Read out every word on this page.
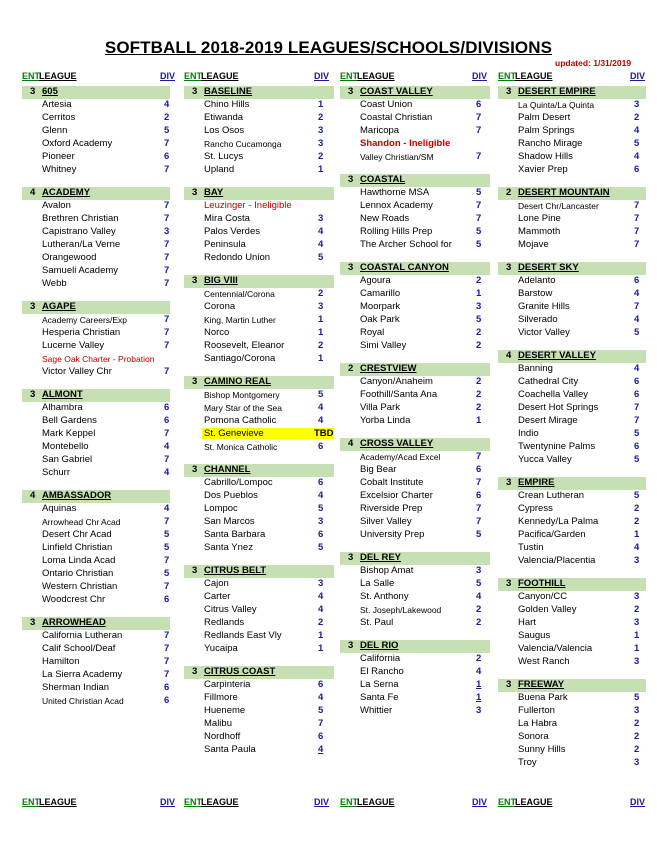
SOFTBALL 2018-2019 LEAGUES/SCHOOLS/DIVISIONS
updated: 1/31/2019
ENT LEAGUE	DIV
3 605
Artesia	4
Cerritos	2
Glenn	5
Oxford Academy	7
Pioneer	6
Whitney	7
4 ACADEMY
Avalon	7
Brethren Christian	7
Capistrano Valley	3
Lutheran/La Verne	7
Orangewood	7
Samueli Academy	7
Webb	7
3 AGAPE
Academy Careers/Exp	7
Hesperia Christian	7
Lucerne Valley	7
Sage Oak Charter - Probation
Victor Valley Chr	7
3 ALMONT
Alhambra	6
Bell Gardens	6
Mark Keppel	7
Montebello	4
San Gabriel	7
Schurr	4
4 AMBASSADOR
Aquinas	4
Arrowhead Chr Acad	7
Desert Chr Acad	5
Linfield Christian	5
Loma Linda Acad	7
Ontario Christian	5
Western Christian	7
Woodcrest Chr	6
3 ARROWHEAD
California Lutheran	7
Calif School/Deaf	7
Hamilton	7
La Sierra Academy	7
Sherman Indian	6
United Christian Acad	6
ENT LEAGUE	DIV
ENT LEAGUE	DIV
3 BASELINE
Chino Hills	1
Etiwanda	2
Los Osos	3
Rancho Cucamonga	3
St. Lucys	2
Upland	1
3 BAY
Leuzinger - Ineligible
Mira Costa	3
Palos Verdes	4
Peninsula	4
Redondo Union	5
3 BIG VIII
Centennial/Corona	2
Corona	3
King, Martin Luther	1
Norco	1
Roosevelt, Eleanor	2
Santiago/Corona	1
3 CAMINO REAL
Bishop Montgomery	5
Mary Star of the Sea	4
Pomona Catholic	4
St. Genevieve	TBD
St. Monica Catholic	6
3 CHANNEL
Cabrillo/Lompoc	6
Dos Pueblos	4
Lompoc	5
San Marcos	3
Santa Barbara	6
Santa Ynez	5
3 CITRUS BELT
Cajon	3
Carter	4
Citrus Valley	4
Redlands	2
Redlands East Vly	1
Yucaipa	1
3 CITRUS COAST
Carpinteria	6
Fillmore	4
Hueneme	5
Malibu	7
Nordhoff	6
Santa Paula	4
ENT LEAGUE	DIV
ENT LEAGUE	DIV
3 COAST VALLEY
Coast Union	6
Coastal Christian	7
Maricopa	7
Shandon - Ineligible
Valley Christian/SM	7
3 COASTAL
Hawthorne MSA	5
Lennox Academy	7
New Roads	7
Rolling Hills Prep	5
The Archer School for	5
3 COASTAL CANYON
Agoura	2
Camarillo	1
Moorpark	3
Oak Park	5
Royal	2
Simi Valley	2
2 CRESTVIEW
Canyon/Anaheim	2
Foothill/Santa Ana	2
Villa Park	2
Yorba Linda	1
4 CROSS VALLEY
Academy/Acad Excel	7
Big Bear	6
Cobalt Institute	7
Excelsior Charter	6
Riverside Prep	7
Silver Valley	7
University Prep	5
3 DEL REY
Bishop Amat	3
La Salle	5
St. Anthony	4
St. Joseph/Lakewood	2
St. Paul	2
3 DEL RIO
California	2
El Rancho	4
La Serna	1
Santa Fe	1
Whittier	3
ENT LEAGUE	DIV
ENT LEAGUE	DIV
3 DESERT EMPIRE
La Quinta/La Quinta	3
Palm Desert	2
Palm Springs	4
Rancho Mirage	5
Shadow Hills	4
Xavier Prep	6
2 DESERT MOUNTAIN
Desert Chr/Lancaster	7
Lone Pine	7
Mammoth	7
Mojave	7
3 DESERT SKY
Adelanto	6
Barstow	4
Granite Hills	7
Silverado	4
Victor Valley	5
4 DESERT VALLEY
Banning	4
Cathedral City	6
Coachella Valley	6
Desert Hot Springs	7
Desert Mirage	7
Indio	5
Twentynine Palms	6
Yucca Valley	5
3 EMPIRE
Crean Lutheran	5
Cypress	2
Kennedy/La Palma	2
Pacifica/Garden	1
Tustin	4
Valencia/Placentia	3
3 FOOTHILL
Canyon/CC	3
Golden Valley	2
Hart	3
Saugus	1
Valencia/Valencia	1
West Ranch	3
3 FREEWAY
Buena Park	5
Fullerton	3
La Habra	2
Sonora	2
Sunny Hills	2
Troy	3
ENT LEAGUE	DIV
